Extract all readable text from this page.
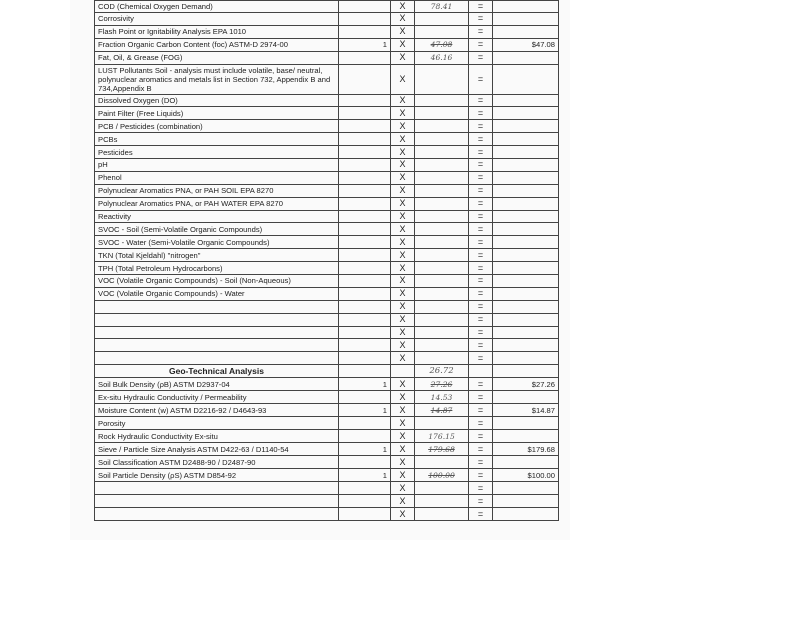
COD (Chemical Oxygen Demand)		X	78.41	=	
Corrosivity		X		=	
Flash Point or Ignitability Analysis EPA 1010		X		=	
Fraction Organic Carbon Content (foc) ASTM-D 2974-00	1	X	47.08	=	$47.08
Fat, Oil, & Grease (FOG)		X	46.16	=	
LUST Pollutants Soil - analysis must include volatile, base/ neutral, polynuclear aromatics and metals list in Section 732, Appendix B and 734,Appendix B		X		=	
Dissolved Oxygen (DO)		X		=	
Paint Filter (Free Liquids)		X		=	
PCB / Pesticides (combination)		X		=	
PCBs		X		=	
Pesticides		X		=	
pH		X		=	
Phenol		X		=	
Polynuclear Aromatics PNA, or PAH SOIL EPA 8270		X		=	
Polynuclear Aromatics PNA, or PAH WATER EPA 8270		X		=	
Reactivity		X		=	
SVOC - Soil (Semi-Volatile Organic Compounds)		X		=	
SVOC - Water (Semi-Volatile Organic Compounds)		X		=	
TKN (Total Kjeldahl) "nitrogen"		X		=	
TPH (Total Petroleum Hydrocarbons)		X		=	
VOC (Volatile Organic Compounds) - Soil (Non-Aqueous)		X		=	
VOC (Volatile Organic Compounds) - Water		X		=	
		X		=	
		X		=	
		X		=	
		X		=	
		X		=	
Geo-Technical Analysis			26.72		
Soil Bulk Density (ρB) ASTM D2937-04	1	X	27.26	=	$27.26
Ex-situ Hydraulic Conductivity / Permeability		X	14.53	=	
Moisture Content (w) ASTM D2216-92 / D4643-93	1	X	14.87	=	$14.87
Porosity		X		=	
Rock Hydraulic Conductivity Ex-situ		X	176.15	=	
Sieve / Particle Size Analysis ASTM D422-63 / D1140-54	1	X	179.68	=	$179.68
Soil Classification ASTM D2488-90 / D2487-90		X		=	
Soil Particle Density (ρS) ASTM D854-92	1	X	100.00	=	$100.00
		X		=	
		X		=	
		X		=	
